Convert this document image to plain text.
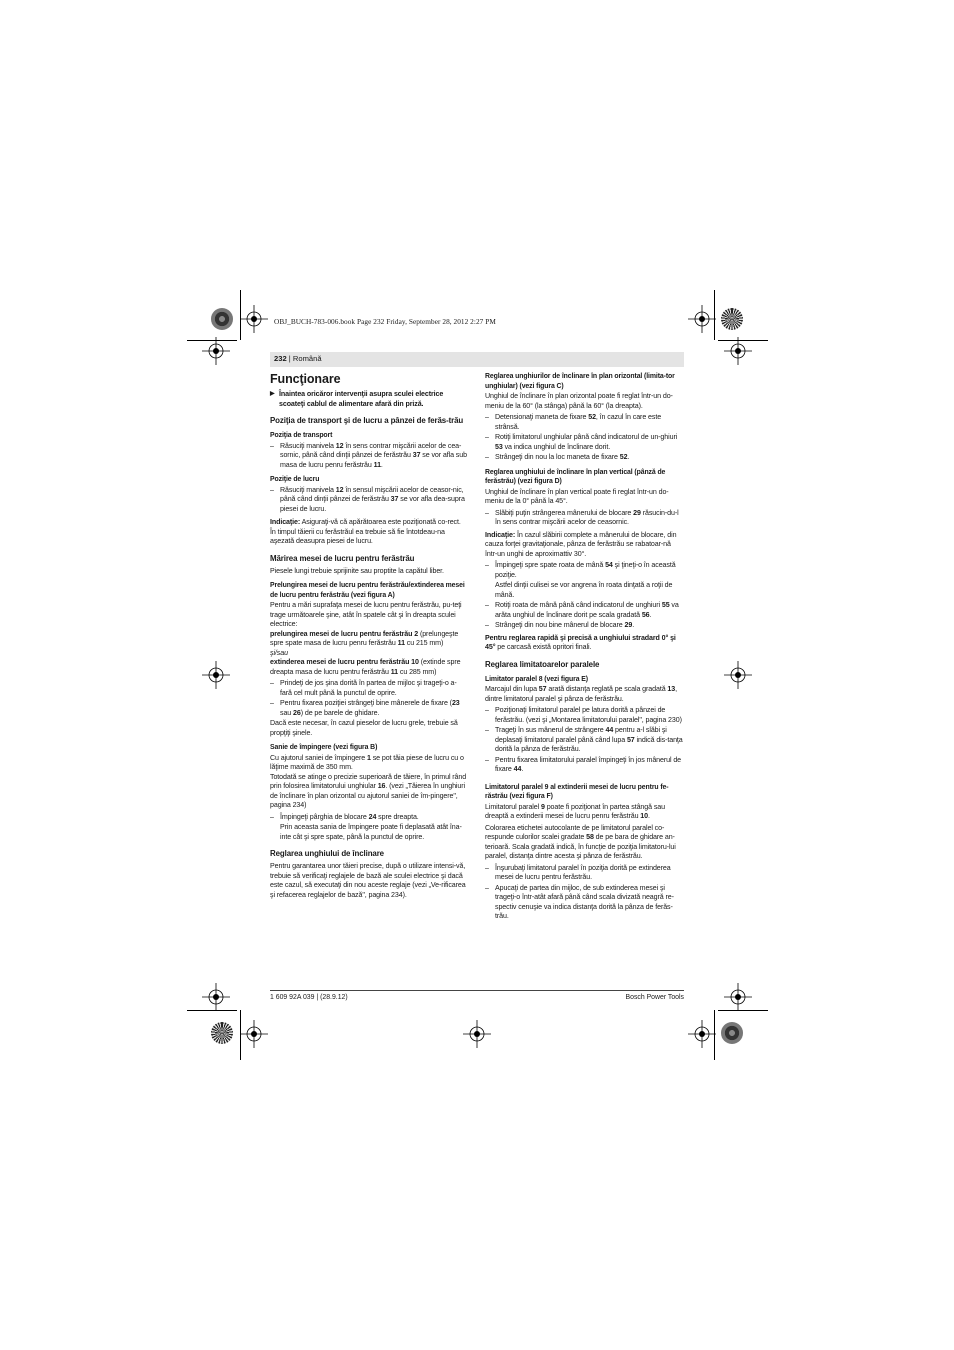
OBJ_BUCH-783-006.book Page 232 Friday, September 28, 2012 2:27 PM
232 | Română
Funcţionare
▶ Înaintea oricăror intervenţii asupra sculei electrice scoateţi cablul de alimentare afară din priză.
Poziţia de transport şi de lucru a pânzei de ferăs-trău
Poziţia de transport
– Răsuciţi manivela 12 în sens contrar mişcării acelor de cea-sornic, până când dinţii pânzei de ferăstrău 37 se vor afla sub masa de lucru penru ferăstrău 11.
Poziţie de lucru
– Răsuciţi manivela 12 în sensul mişcării acelor de ceasor-nic, până când dinţii pânzei de ferăstrău 37 se vor afla dea-supra piesei de lucru.
Indicaţie: Asiguraţi-vă că apărătoarea este poziţionată co-rect. În timpul tăierii cu ferăstrăul ea trebuie să fie întotdeau-na aşezată deasupra piesei de lucru.
Mărirea mesei de lucru pentru ferăstrău
Piesele lungi trebuie sprijinite sau proptite la capătul liber.
Prelungirea mesei de lucru pentru ferăstrău/extinderea mesei de lucru pentru ferăstrău (vezi figura A)
Pentru a mări suprafaţa mesei de lucru pentru ferăstrău, pu-teţi trage următoarele şine, atât în spatele cât şi în dreapta sculei electrice:
prelungirea mesei de lucru pentru ferăstrău 2 (prelungeşte spre spate masa de lucru penru ferăstrău 11 cu 215 mm)
şi/sau
extinderea mesei de lucru pentru ferăstrău 10 (extinde spre dreapta masa de lucru pentru ferăstrău 11 cu 285 mm)
– Prindeţi de jos şina dorită în partea de mijloc şi trageţi-o a-fară cel mult până la punctul de oprire.
– Pentru fixarea poziţiei strângeţi bine mânerele de fixare (23 sau 26) de pe barele de ghidare.
Dacă este necesar, în cazul pieselor de lucru grele, trebuie să propţiţi şinele.
Sanie de împingere (vezi figura B)
Cu ajutorul saniei de împingere 1 se pot tăia piese de lucru cu o lăţime maximă de 350 mm.
Totodată se atinge o precizie superioară de tăiere, în primul rând prin folosirea limitatorului unghiular 16. (vezi „Tăierea în unghiuri de înclinare în plan orizontal cu ajutorul saniei de îm-pingere", pagina 234)
– Împingeţi pârghia de blocare 24 spre dreapta.
Prin aceasta sania de împingere poate fi deplasată atât îna-inte cât şi spre spate, până la punctul de oprire.
Reglarea unghiului de înclinare
Pentru garantarea unor tăieri precise, după o utilizare intensi-vă, trebuie să verificaţi reglajele de bază ale sculei electrice şi dacă este cazul, să executaţi din nou aceste reglaje (vezi „Ve-rificarea şi refacerea reglajelor de bază", pagina 234).
Reglarea unghiurilor de înclinare în plan orizontal (limita-tor unghiular) (vezi figura C)
Unghiul de înclinare în plan orizontal poate fi reglat într-un do-meniu de la 60° (la stânga) până la 60° (la dreapta).
– Detensionaţi maneta de fixare 52, în cazul în care este strânsă.
– Rotiţi limitatorul unghiular până când indicatorul de un-ghiuri 53 va indica unghiul de înclinare dorit.
– Strângeţi din nou la loc maneta de fixare 52.
Reglarea unghiului de înclinare în plan vertical (pânză de ferăstrău) (vezi figura D)
Unghiul de înclinare în plan vertical poate fi reglat într-un do-meniu de la 0° până la 45°.
– Slăbiţi puţin strângerea mânerului de blocare 29 răsucin-du-l în sens contrar mişcării acelor de ceasornic.
Indicaţie: În cazul slăbirii complete a mânerului de blocare, din cauza forţei gravitaţionale, pânza de ferăstrău se rabatoar-nă într-un unghi de aproximattiv 30°.
– Împingeţi spre spate roata de mână 54 şi ţineţi-o în această poziţie.
Astfel dinţii culisei se vor angrena în roata dinţată a roţii de mână.
– Rotiţi roata de mână până când indicatorul de unghiuri 55 va arăta unghiul de înclinare dorit pe scala gradată 56.
– Strângeţi din nou bine mânerul de blocare 29.
Pentru reglarea rapidă şi precisă a unghiului stradard 0° şi 45° pe carcasă există opritori finali.
Reglarea limitatoarelor paralele
Limitator paralel 8 (vezi figura E)
Marcajul din lupa 57 arată distanţa reglată pe scala gradată 13, dintre limitatorul paralel şi pânza de ferăstrău.
– Poziţionaţi limitatorul paralel pe latura dorită a pânzei de ferăstrău. (vezi şi „Montarea limitatorului paralel", pagina 230)
– Trageţi în sus mânerul de strângere 44 pentru a-l slăbi şi deplasaţi limitatorul paralel până când lupa 57 indică dis-tanţa dorită la pânza de ferăstrău.
– Pentru fixarea limitatorului paralel împingeţi în jos mânerul de fixare 44.
Limitatorul paralel 9 al extinderii mesei de lucru pentru fe-răstrău (vezi figura F)
Limitatorul paralel 9 poate fi poziţionat în partea stângă sau dreaptă a extinderii mesei de lucru penru ferăstrău 10.
Colorarea etichetei autocolante de pe limitatorul paralel co-respunde culorilor scalei gradate 58 de pe bara de ghidare an-terioară. Scala gradată indică, în funcţie de poziţia limitatoru-lui paralel, distanţa dintre acesta şi pânza de ferăstrău.
– Înşurubaţi limitatorul paralel în poziţia dorită pe extinderea mesei de lucru pentru ferăstrău.
– Apucaţi de partea din mijloc, de sub extinderea mesei şi trageţi-o într-atât afară până când scala divizată neagră re-spectiv cenuşie va indica distanţa dorită la pânza de ferăs-trău.
1 609 92A 039 | (28.9.12)	Bosch Power Tools
